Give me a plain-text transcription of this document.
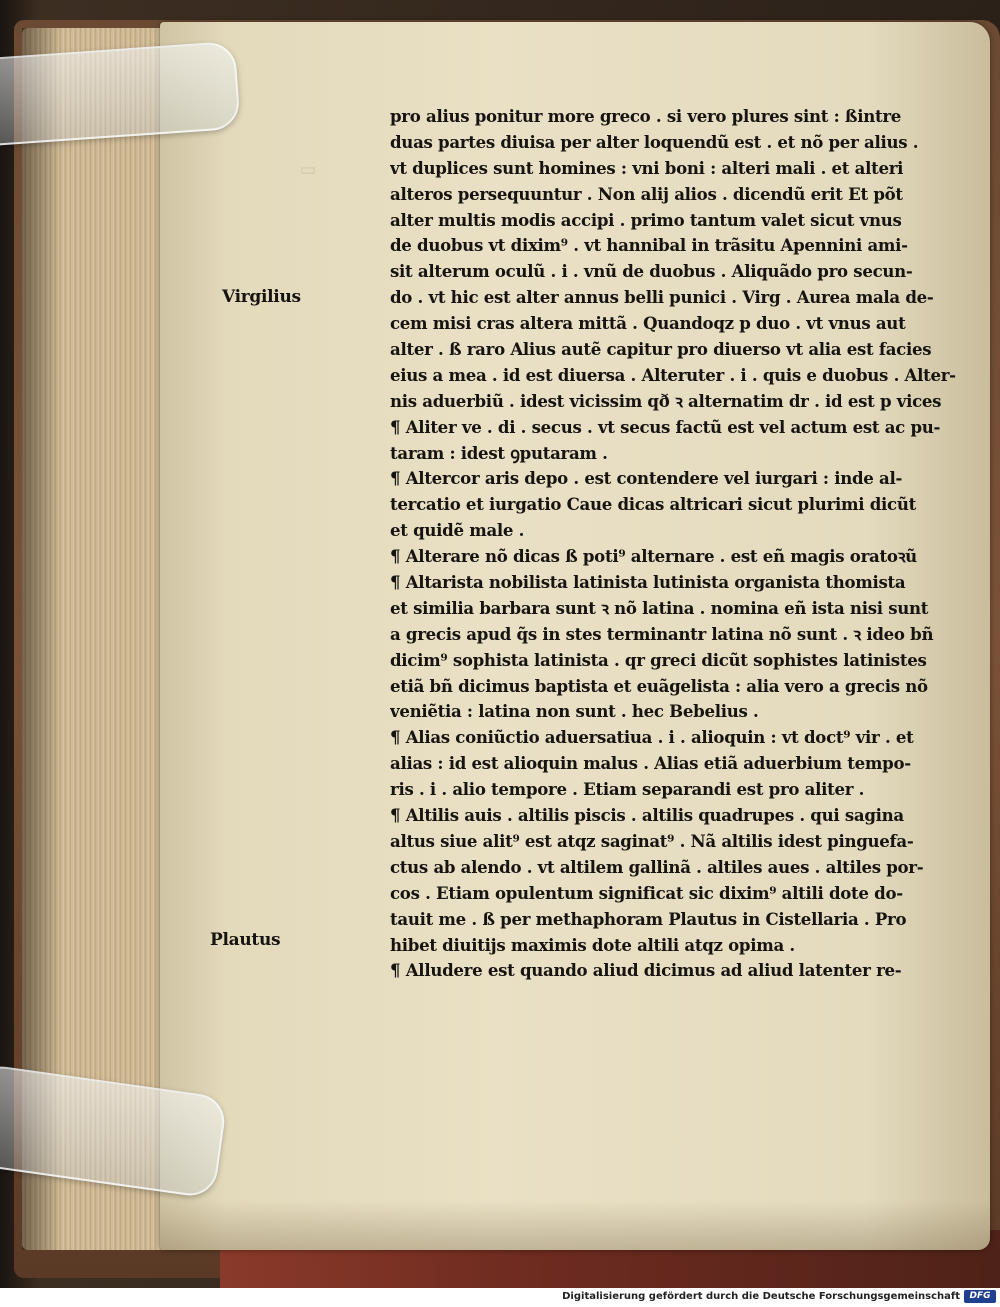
▭
Virgilius
Plautus
pro alius ponitur more greco . si vero plures sint : ßintre
duas partes diuisa per alter loquendũ est . et nõ per alius .
vt duplices sunt homines : vni boni : alteri mali . et alteri
alteros persequuntur . Non alij alios . dicendũ erit Et põt
alter multis modis accipi . primo tantum valet sicut vnus
de duobus vt dixim⁹ . vt hannibal in trãsitu Apennini ami-
sit alterum oculũ . i . vnũ de duobus . Aliquãdo pro secun-
do . vt hic est alter annus belli punici . Virg . Aurea mala de-
cem misi cras altera mittã . Quandoqz p duo . vt vnus aut
alter . ß raro Alius autẽ capitur pro diuerso vt alia est facies
eius a mea . id est diuersa . Alteruter . i . quis e duobus . Alter-
nis aduerbiũ . idest vicissim qð ꝛ alternatim dr . id est p vices
¶ Aliter ve . di . secus . vt secus factũ est vel actum est ac pu-
taram : idest ꝯputaram .
¶ Altercor aris depo . est contendere vel iurgari : inde al-
tercatio et iurgatio Caue dicas altricari sicut plurimi dicũt
et quidẽ male .
¶ Alterare nõ dicas ß poti⁹ alternare . est eñ magis oratoꝛũ
¶ Altarista nobilista latinista lutinista organista thomista
et similia barbara sunt ꝛ nõ latina . nomina eñ ista nisi sunt
a grecis apud q̃s in stes terminantr latina nõ sunt . ꝛ ideo bñ
dicim⁹ sophista latinista . qr greci dicũt sophistes latinistes
etiã bñ dicimus baptista et euãgelista : alia vero a grecis nõ
veniẽtia : latina non sunt . hec Bebelius .
¶ Alias coniũctio aduersatiua . i . alioquin : vt doct⁹ vir . et
alias : id est alioquin malus . Alias etiã aduerbium tempo-
ris . i . alio tempore . Etiam separandi est pro aliter .
¶ Altilis auis . altilis piscis . altilis quadrupes . qui sagina
altus siue alit⁹ est atqz saginat⁹ . Nã altilis idest pinguefa-
ctus ab alendo . vt altilem gallinã . altiles aues . altiles por-
cos . Etiam opulentum significat sic dixim⁹ altili dote do-
tauit me . ß per methaphoram Plautus in Cistellaria . Pro
hibet diuitijs maximis dote altili atqz opima .
¶ Alludere est quando aliud dicimus ad aliud latenter re-
Digitalisierung gefördert durch die Deutsche Forschungsgemeinschaft	DFG
